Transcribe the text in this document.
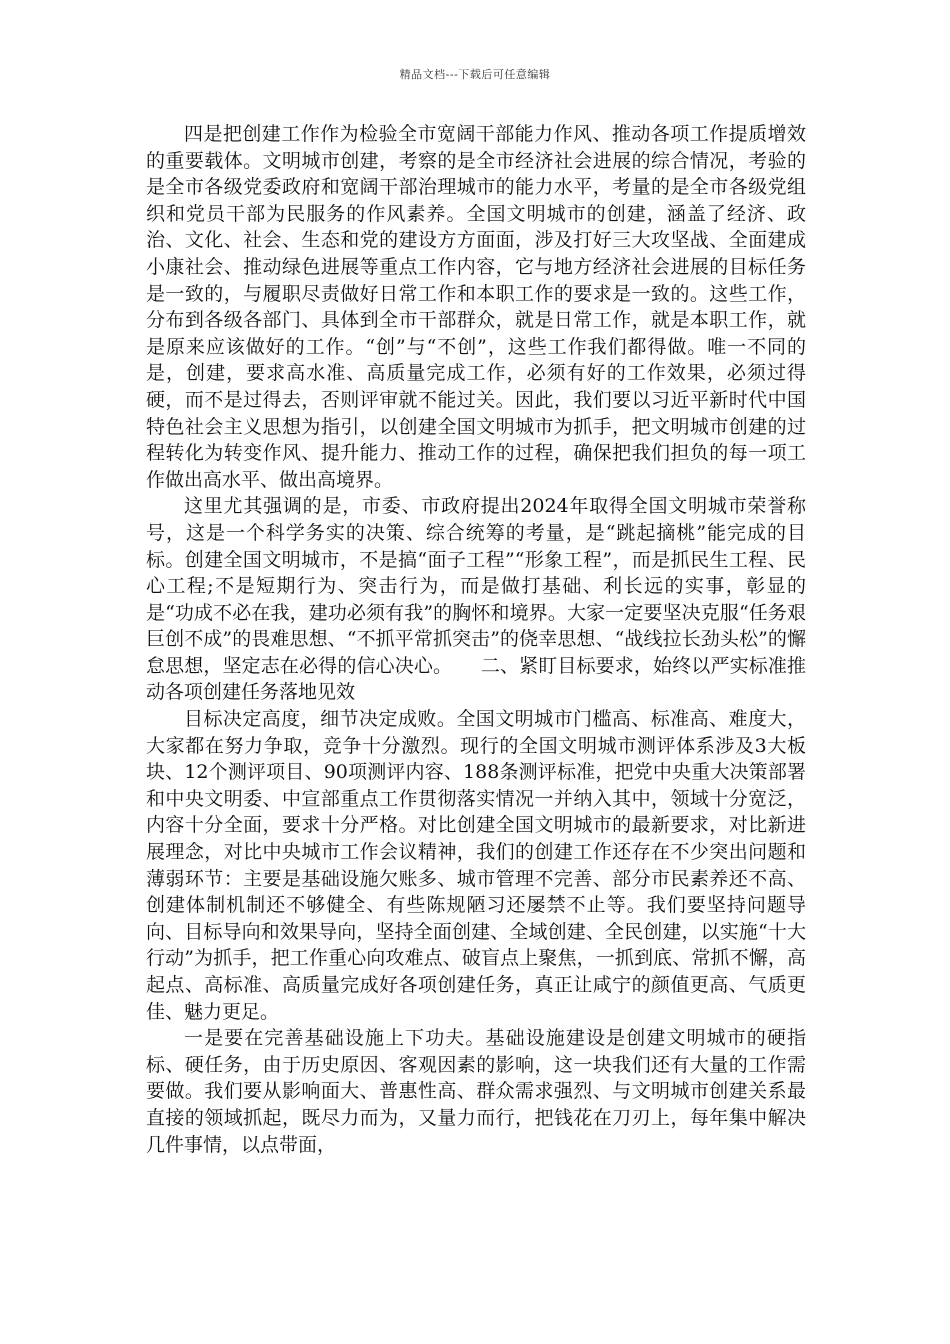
精品文档---下载后可任意编辑

四是把创建工作作为检验全市宽阔干部能力作风、推动各项工作提质增效的重要载体。文明城市创建，考察的是全市经济社会进展的综合情况，考验的是全市各级党委政府和宽阔干部治理城市的能力水平，考量的是全市各级党组织和党员干部为民服务的作风素养。全国文明城市的创建，涵盖了经济、政治、文化、社会、生态和党的建设方方面面，涉及打好三大攻坚战、全面建成小康社会、推动绿色进展等重点工作内容，它与地方经济社会进展的目标任务是一致的，与履职尽责做好日常工作和本职工作的要求是一致的。这些工作，分布到各级各部门、具体到全市干部群众，就是日常工作，就是本职工作，就是原来应该做好的工作。“创”与“不创”，这些工作我们都得做。唯一不同的是，创建，要求高水准、高质量完成工作，必须有好的工作效果，必须过得硬，而不是过得去，否则评审就不能过关。因此，我们要以习近平新时代中国特色社会主义思想为指引，以创建全国文明城市为抓手，把文明城市创建的过程转化为转变作风、提升能力、推动工作的过程，确保把我们担负的每一项工作做出高水平、做出高境界。

这里尤其强调的是，市委、市政府提出2024年取得全国文明城市荣誉称号，这是一个科学务实的决策、综合统筹的考量，是“跳起摘桃”能完成的目标。创建全国文明城市，不是搞“面子工程”“形象工程”，而是抓民生工程、民心工程;不是短期行为、突击行为，而是做打基础、利长远的实事，彰显的是“功成不必在我，建功必须有我”的胸怀和境界。大家一定要坚决克服“任务艰巨创不成”的畏难思想、“不抓平常抓突击”的侥幸思想、“战线拉长劲头松”的懈怠思想，坚定志在必得的信心决心。　　二、紧盯目标要求，始终以严实标准推动各项创建任务落地见效

目标决定高度，细节决定成败。全国文明城市门槛高、标准高、难度大，大家都在努力争取，竞争十分激烈。现行的全国文明城市测评体系涉及3大板块、12个测评项目、90项测评内容、188条测评标准，把党中央重大决策部署和中央文明委、中宣部重点工作贯彻落实情况一并纳入其中，领域十分宽泛，内容十分全面，要求十分严格。对比创建全国文明城市的最新要求，对比新进展理念，对比中央城市工作会议精神，我们的创建工作还存在不少突出问题和薄弱环节：主要是基础设施欠账多、城市管理不完善、部分市民素养还不高、创建体制机制还不够健全、有些陈规陋习还屡禁不止等。我们要坚持问题导向、目标导向和效果导向，坚持全面创建、全域创建、全民创建，以实施“十大行动”为抓手，把工作重心向攻难点、破盲点上聚焦，一抓到底、常抓不懈，高起点、高标准、高质量完成好各项创建任务，真正让咸宁的颜值更高、气质更佳、魅力更足。

一是要在完善基础设施上下功夫。基础设施建设是创建文明城市的硬指标、硬任务，由于历史原因、客观因素的影响，这一块我们还有大量的工作需要做。我们要从影响面大、普惠性高、群众需求强烈、与文明城市创建关系最直接的领域抓起，既尽力而为，又量力而行，把钱花在刀刃上，每年集中解决几件事情，以点带面，
